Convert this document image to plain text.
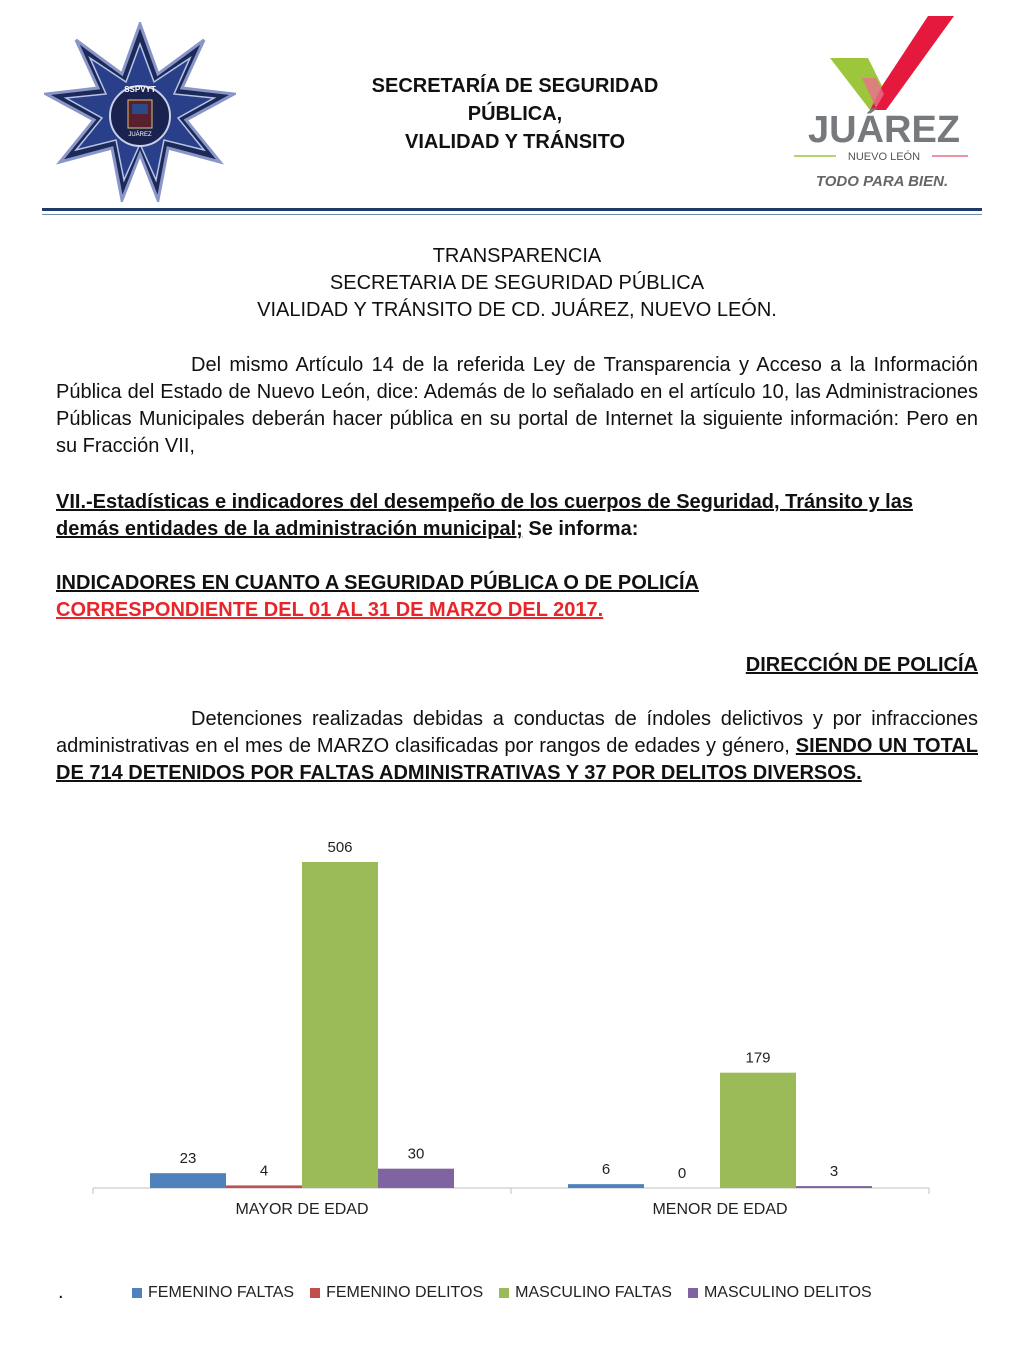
SSPVYT
JUÁREZ
SECRETARÍA DE SEGURIDAD
PÚBLICA,
VIALIDAD Y TRÁNSITO	JUÁREZ
NUEVO LEÓN
TODO PARA BIEN.
TRANSPARENCIA
SECRETARIA DE SEGURIDAD PÚBLICA
VIALIDAD Y TRÁNSITO DE CD. JUÁREZ, NUEVO LEÓN.
Del mismo Artículo 14 de la referida Ley de Transparencia y Acceso a la Información Pública del Estado de Nuevo León, dice: Además de lo señalado en el artículo 10, las Administraciones Públicas Municipales deberán hacer pública en su portal de Internet la siguiente información: Pero en su Fracción VII,
VII.-Estadísticas e indicadores del desempeño de los cuerpos de Seguridad, Tránsito y las demás entidades de la administración municipal; Se informa:
INDICADORES EN CUANTO A SEGURIDAD PÚBLICA O DE POLICÍA
CORRESPONDIENTE DEL 01 AL 31 DE MARZO DEL 2017.
DIRECCIÓN DE POLICÍA
Detenciones realizadas debidas a conductas de índoles delictivos y por infracciones administrativas en el mes de MARZO clasificadas por rangos de edades y género, SIENDO UN TOTAL DE 714 DETENIDOS POR FALTAS ADMINISTRATIVAS Y 37 POR DELITOS DIVERSOS.
23
4
506
30
MAYOR DE EDAD
6	0
179
3
MENOR DE EDAD
FEMENINO FALTAS FEMENINO DELITOS MASCULINO FALTAS MASCULINO DELITOS
.
